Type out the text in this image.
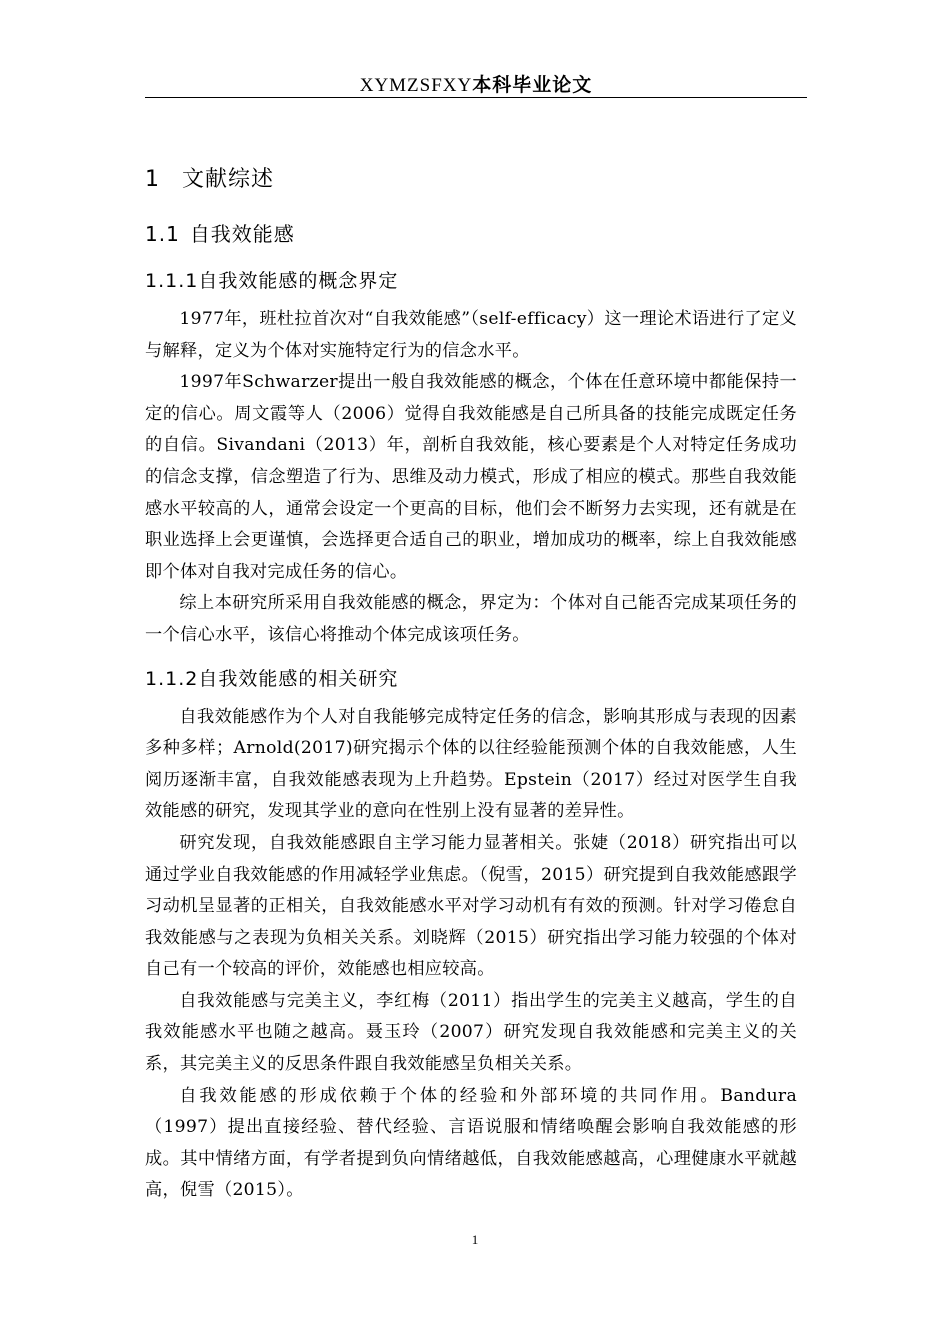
XYMZSFXY本科毕业论文
1 文献综述
1.1 自我效能感
1.1.1自我效能感的概念界定

1977年，班杜拉首次对“自我效能感”（self-efficacy）这一理论术语进行了定义与解释，定义为个体对实施特定行为的信念水平。

1997年Schwarzer提出一般自我效能感的概念，个体在任意环境中都能保持一定的信心。周文霞等人（2006）觉得自我效能感是自己所具备的技能完成既定任务的自信。Sivandani（2013）年，剖析自我效能，核心要素是个人对特定任务成功的信念支撑，信念塑造了行为、思维及动力模式，形成了相应的模式。那些自我效能感水平较高的人，通常会设定一个更高的目标，他们会不断努力去实现，还有就是在职业选择上会更谨慎，会选择更合适自己的职业，增加成功的概率，综上自我效能感即个体对自我对完成任务的信心。

综上本研究所采用自我效能感的概念，界定为：个体对自己能否完成某项任务的一个信心水平，该信心将推动个体完成该项任务。

1.1.2自我效能感的相关研究

自我效能感作为个人对自我能够完成特定任务的信念，影响其形成与表现的因素多种多样；Arnold(2017)研究揭示个体的以往经验能预测个体的自我效能感，人生阅历逐渐丰富，自我效能感表现为上升趋势。Epstein（2017）经过对医学生自我效能感的研究，发现其学业的意向在性别上没有显著的差异性。

研究发现，自我效能感跟自主学习能力显著相关。张婕（2018）研究指出可以通过学业自我效能感的作用减轻学业焦虑。（倪雪，2015）研究提到自我效能感跟学习动机呈显著的正相关，自我效能感水平对学习动机有有效的预测。针对学习倦怠自我效能感与之表现为负相关关系。刘晓辉（2015）研究指出学习能力较强的个体对自己有一个较高的评价，效能感也相应较高。

自我效能感与完美主义，李红梅（2011）指出学生的完美主义越高，学生的自我效能感水平也随之越高。聂玉玲（2007）研究发现自我效能感和完美主义的关系，其完美主义的反思条件跟自我效能感呈负相关关系。

自我效能感的形成依赖于个体的经验和外部环境的共同作用。Bandura（1997）提出直接经验、替代经验、言语说服和情绪唤醒会影响自我效能感的形成。其中情绪方面，有学者提到负向情绪越低，自我效能感越高，心理健康水平就越高，倪雪（2015）。

1
